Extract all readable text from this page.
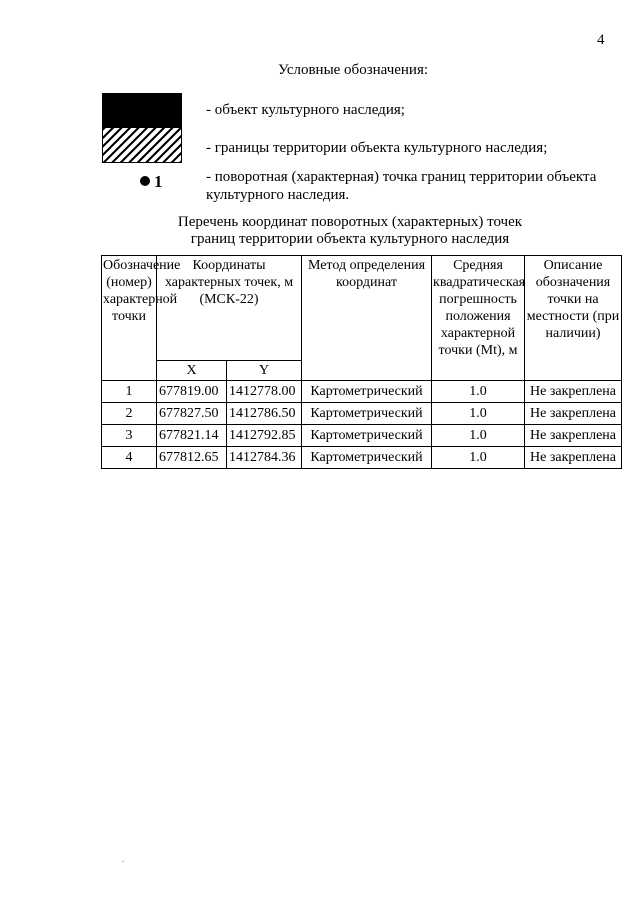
4
Условные обозначения:
- объект культурного наследия;
- границы территории объекта культурного наследия;
1	- поворотная (характерная) точка границ территории объекта культурного наследия.
Перечень координат поворотных (характерных) точек
границ территории объекта культурного наследия
Обозначение (номер) характерной точки	Координаты характерных точек, м (МСК-22)		Метод определения координат	Средняя квадратическая погрешность положения характерной точки (Mt), м	Описание обозначения точки на местности (при наличии)
	X	Y			
1	677819.00	1412778.00	Картометрический	1.0	Не закреплена
2	677827.50	1412786.50	Картометрический	1.0	Не закреплена
3	677821.14	1412792.85	Картометрический	1.0	Не закреплена
4	677812.65	1412784.36	Картометрический	1.0	Не закреплена
.
